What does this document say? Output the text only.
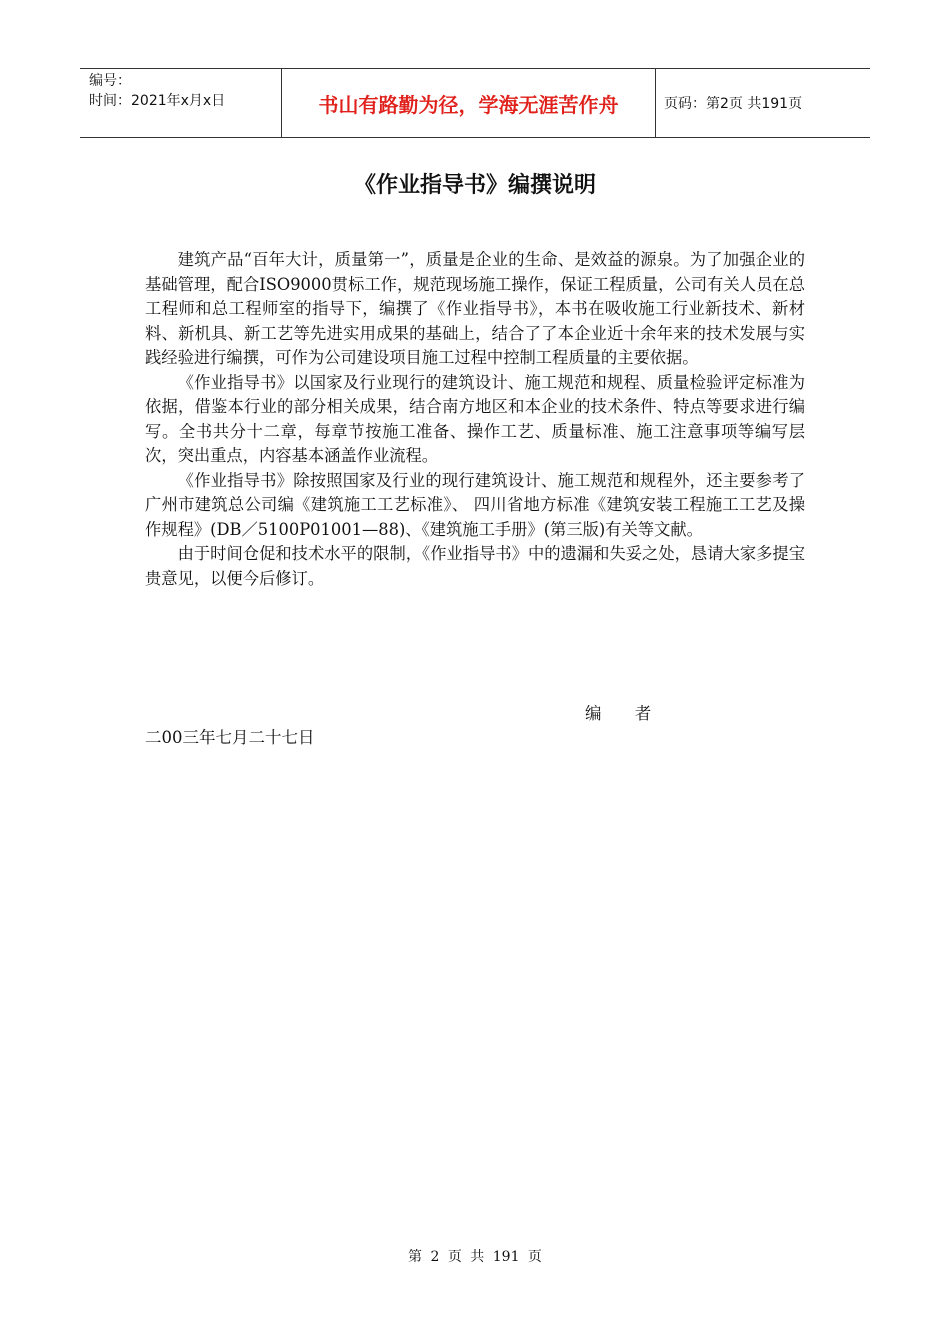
编号：
时间：2021年x月x日	书山有路勤为径，学海无涯苦作舟	页码：第2页 共191页
《作业指导书》编撰说明

建筑产品“百年大计，质量第一”，质量是企业的生命、是效益的源泉。为了加强企业的基础管理，配合ISO9000贯标工作，规范现场施工操作，保证工程质量，公司有关人员在总工程师和总工程师室的指导下，编撰了《作业指导书》，本书在吸收施工行业新技术、新材料、新机具、新工艺等先进实用成果的基础上，结合了了本企业近十余年来的技术发展与实践经验进行编撰，可作为公司建设项目施工过程中控制工程质量的主要依据。

《作业指导书》以国家及行业现行的建筑设计、施工规范和规程、质量检验评定标准为依据，借鉴本行业的部分相关成果，结合南方地区和本企业的技术条件、特点等要求进行编写。全书共分十二章，每章节按施工准备、操作工艺、质量标准、施工注意事项等编写层次，突出重点，内容基本涵盖作业流程。

《作业指导书》除按照国家及行业的现行建筑设计、施工规范和规程外，还主要参考了广州市建筑总公司编《建筑施工工艺标准》、 四川省地方标准《建筑安装工程施工工艺及操作规程》(DB／5100P01001—88)、《建筑施工手册》(第三版)有关等文献。

由于时间仓促和技术水平的限制，《作业指导书》中的遗漏和失妥之处，恳请大家多提宝贵意见，以便今后修订。

编 者
二00三年七月二十七日
第 2 页 共 191 页
